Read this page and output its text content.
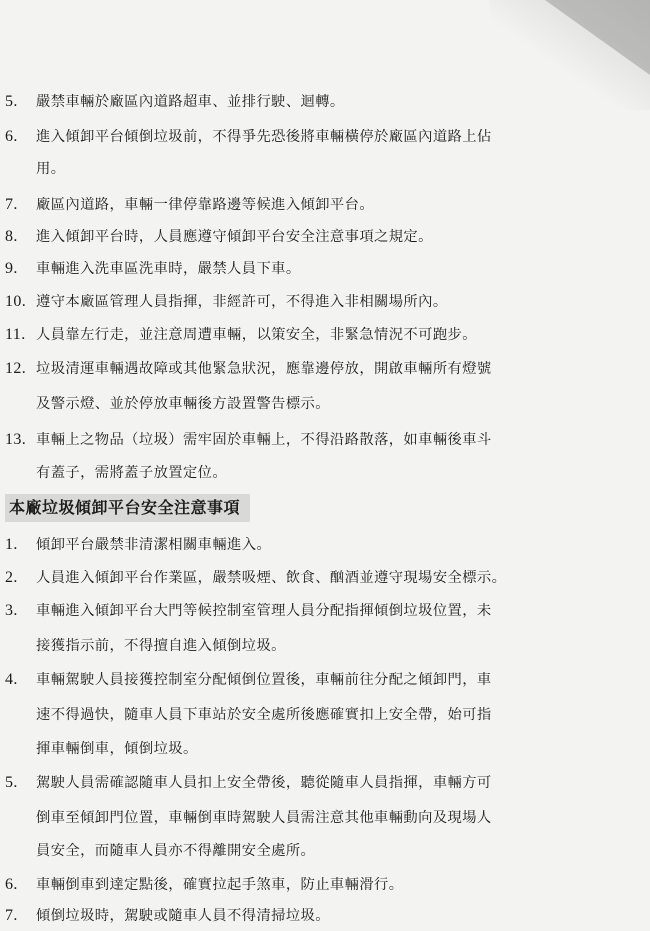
5. 嚴禁車輛於廠區內道路超車、並排行駛、迴轉。
6. 進入傾卸平台傾倒垃圾前，不得爭先恐後將車輛橫停於廠區內道路上佔
用。
7. 廠區內道路，車輛一律停靠路邊等候進入傾卸平台。
8. 進入傾卸平台時，人員應遵守傾卸平台安全注意事項之規定。
9. 車輛進入洗車區洗車時，嚴禁人員下車。
10. 遵守本廠區管理人員指揮，非經許可，不得進入非相關場所內。
11. 人員靠左行走，並注意周遭車輛，以策安全，非緊急情況不可跑步。
12. 垃圾清運車輛遇故障或其他緊急狀況，應靠邊停放，開啟車輛所有燈號
及警示燈、並於停放車輛後方設置警告標示。
13. 車輛上之物品（垃圾）需牢固於車輛上，不得沿路散落，如車輛後車斗
有蓋子，需將蓋子放置定位。
本廠垃圾傾卸平台安全注意事項
1. 傾卸平台嚴禁非清潔相關車輛進入。
2. 人員進入傾卸平台作業區，嚴禁吸煙、飲食、酗酒並遵守現場安全標示。
3. 車輛進入傾卸平台大門等候控制室管理人員分配指揮傾倒垃圾位置，未
接獲指示前，不得擅自進入傾倒垃圾。
4. 車輛駕駛人員接獲控制室分配傾倒位置後，車輛前往分配之傾卸門，車
速不得過快，隨車人員下車站於安全處所後應確實扣上安全帶，始可指
揮車輛倒車，傾倒垃圾。
5. 駕駛人員需確認隨車人員扣上安全帶後，聽從隨車人員指揮，車輛方可
倒車至傾卸門位置，車輛倒車時駕駛人員需注意其他車輛動向及現場人
員安全，而隨車人員亦不得離開安全處所。
6. 車輛倒車到達定點後，確實拉起手煞車，防止車輛滑行。
7. 傾倒垃圾時，駕駛或隨車人員不得清掃垃圾。
